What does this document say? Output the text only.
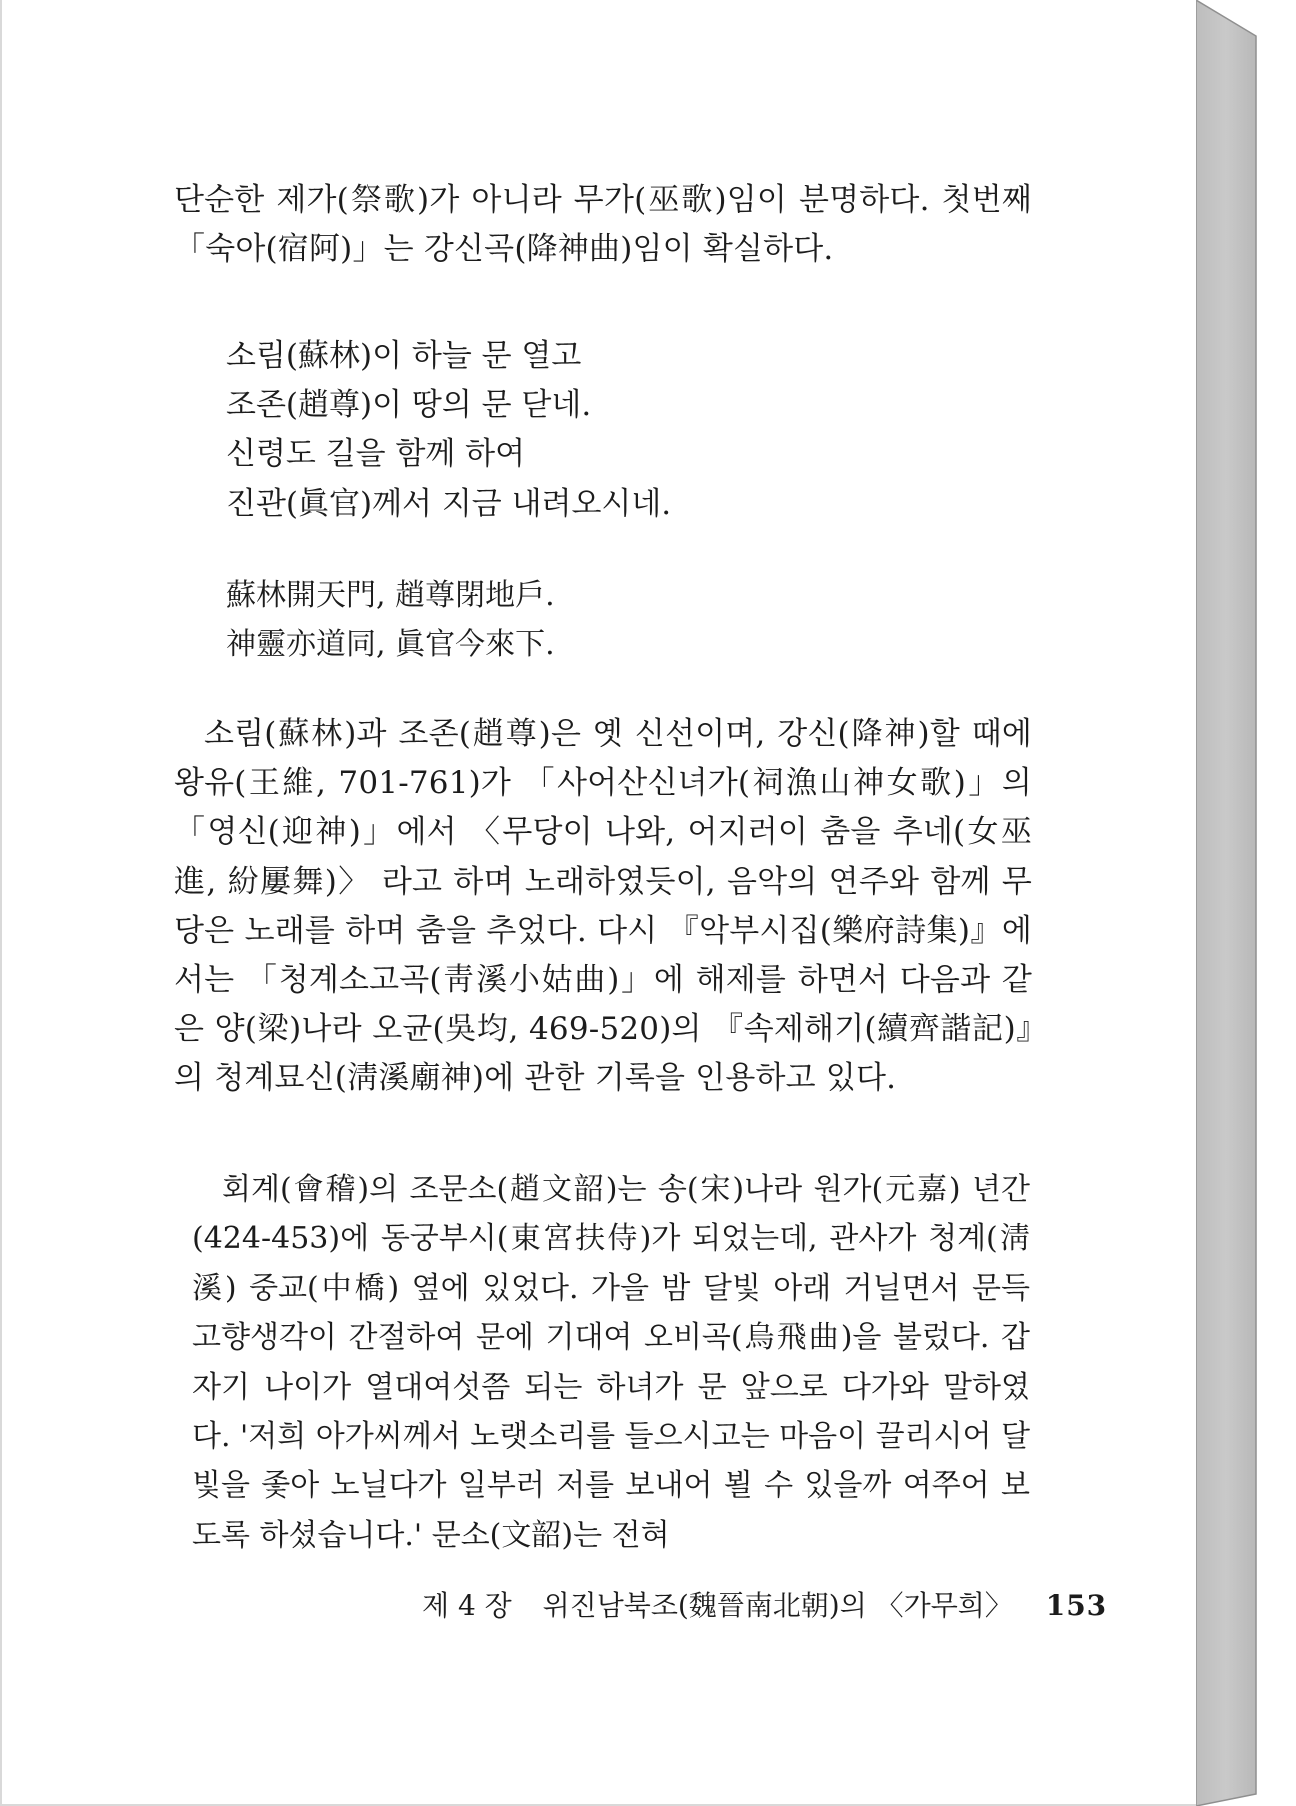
단순한 제가(祭歌)가 아니라 무가(巫歌)임이 분명하다. 첫번째 「숙아(宿阿)」는 강신곡(降神曲)임이 확실하다.

소림(蘇林)이 하늘 문 열고
조존(趙尊)이 땅의 문 닫네.
신령도 길을 함께 하여
진관(眞官)께서 지금 내려오시네.
蘇林開天門, 趙尊閉地戶.
神靈亦道同, 眞官今來下.

소림(蘇林)과 조존(趙尊)은 옛 신선이며, 강신(降神)할 때에 왕유(王維, 701-761)가 「사어산신녀가(祠漁山神女歌)」의 「영신(迎神)」에서 〈무당이 나와, 어지러이 춤을 추네(女巫進, 紛屢舞)〉 라고 하며 노래하였듯이, 음악의 연주와 함께 무당은 노래를 하며 춤을 추었다. 다시 『악부시집(樂府詩集)』에서는 「청계소고곡(靑溪小姑曲)」에 해제를 하면서 다음과 같은 양(梁)나라 오균(吳均, 469-520)의 『속제해기(續齊諧記)』의 청계묘신(淸溪廟神)에 관한 기록을 인용하고 있다.

회계(會稽)의 조문소(趙文韶)는 송(宋)나라 원가(元嘉) 년간(424-453)에 동궁부시(東宮扶侍)가 되었는데, 관사가 청계(淸溪) 중교(中橋) 옆에 있었다. 가을 밤 달빛 아래 거닐면서 문득 고향생각이 간절하여 문에 기대여 오비곡(烏飛曲)을 불렀다. 갑자기 나이가 열대여섯쯤 되는 하녀가 문 앞으로 다가와 말하였다. '저희 아가씨께서 노랫소리를 들으시고는 마음이 끌리시어 달빛을 좇아 노닐다가 일부러 저를 보내어 뵐 수 있을까 여쭈어 보도록 하셨습니다.' 문소(文韶)는 전혀

제 4 장 위진남북조(魏晉南北朝)의 〈가무희〉 153
